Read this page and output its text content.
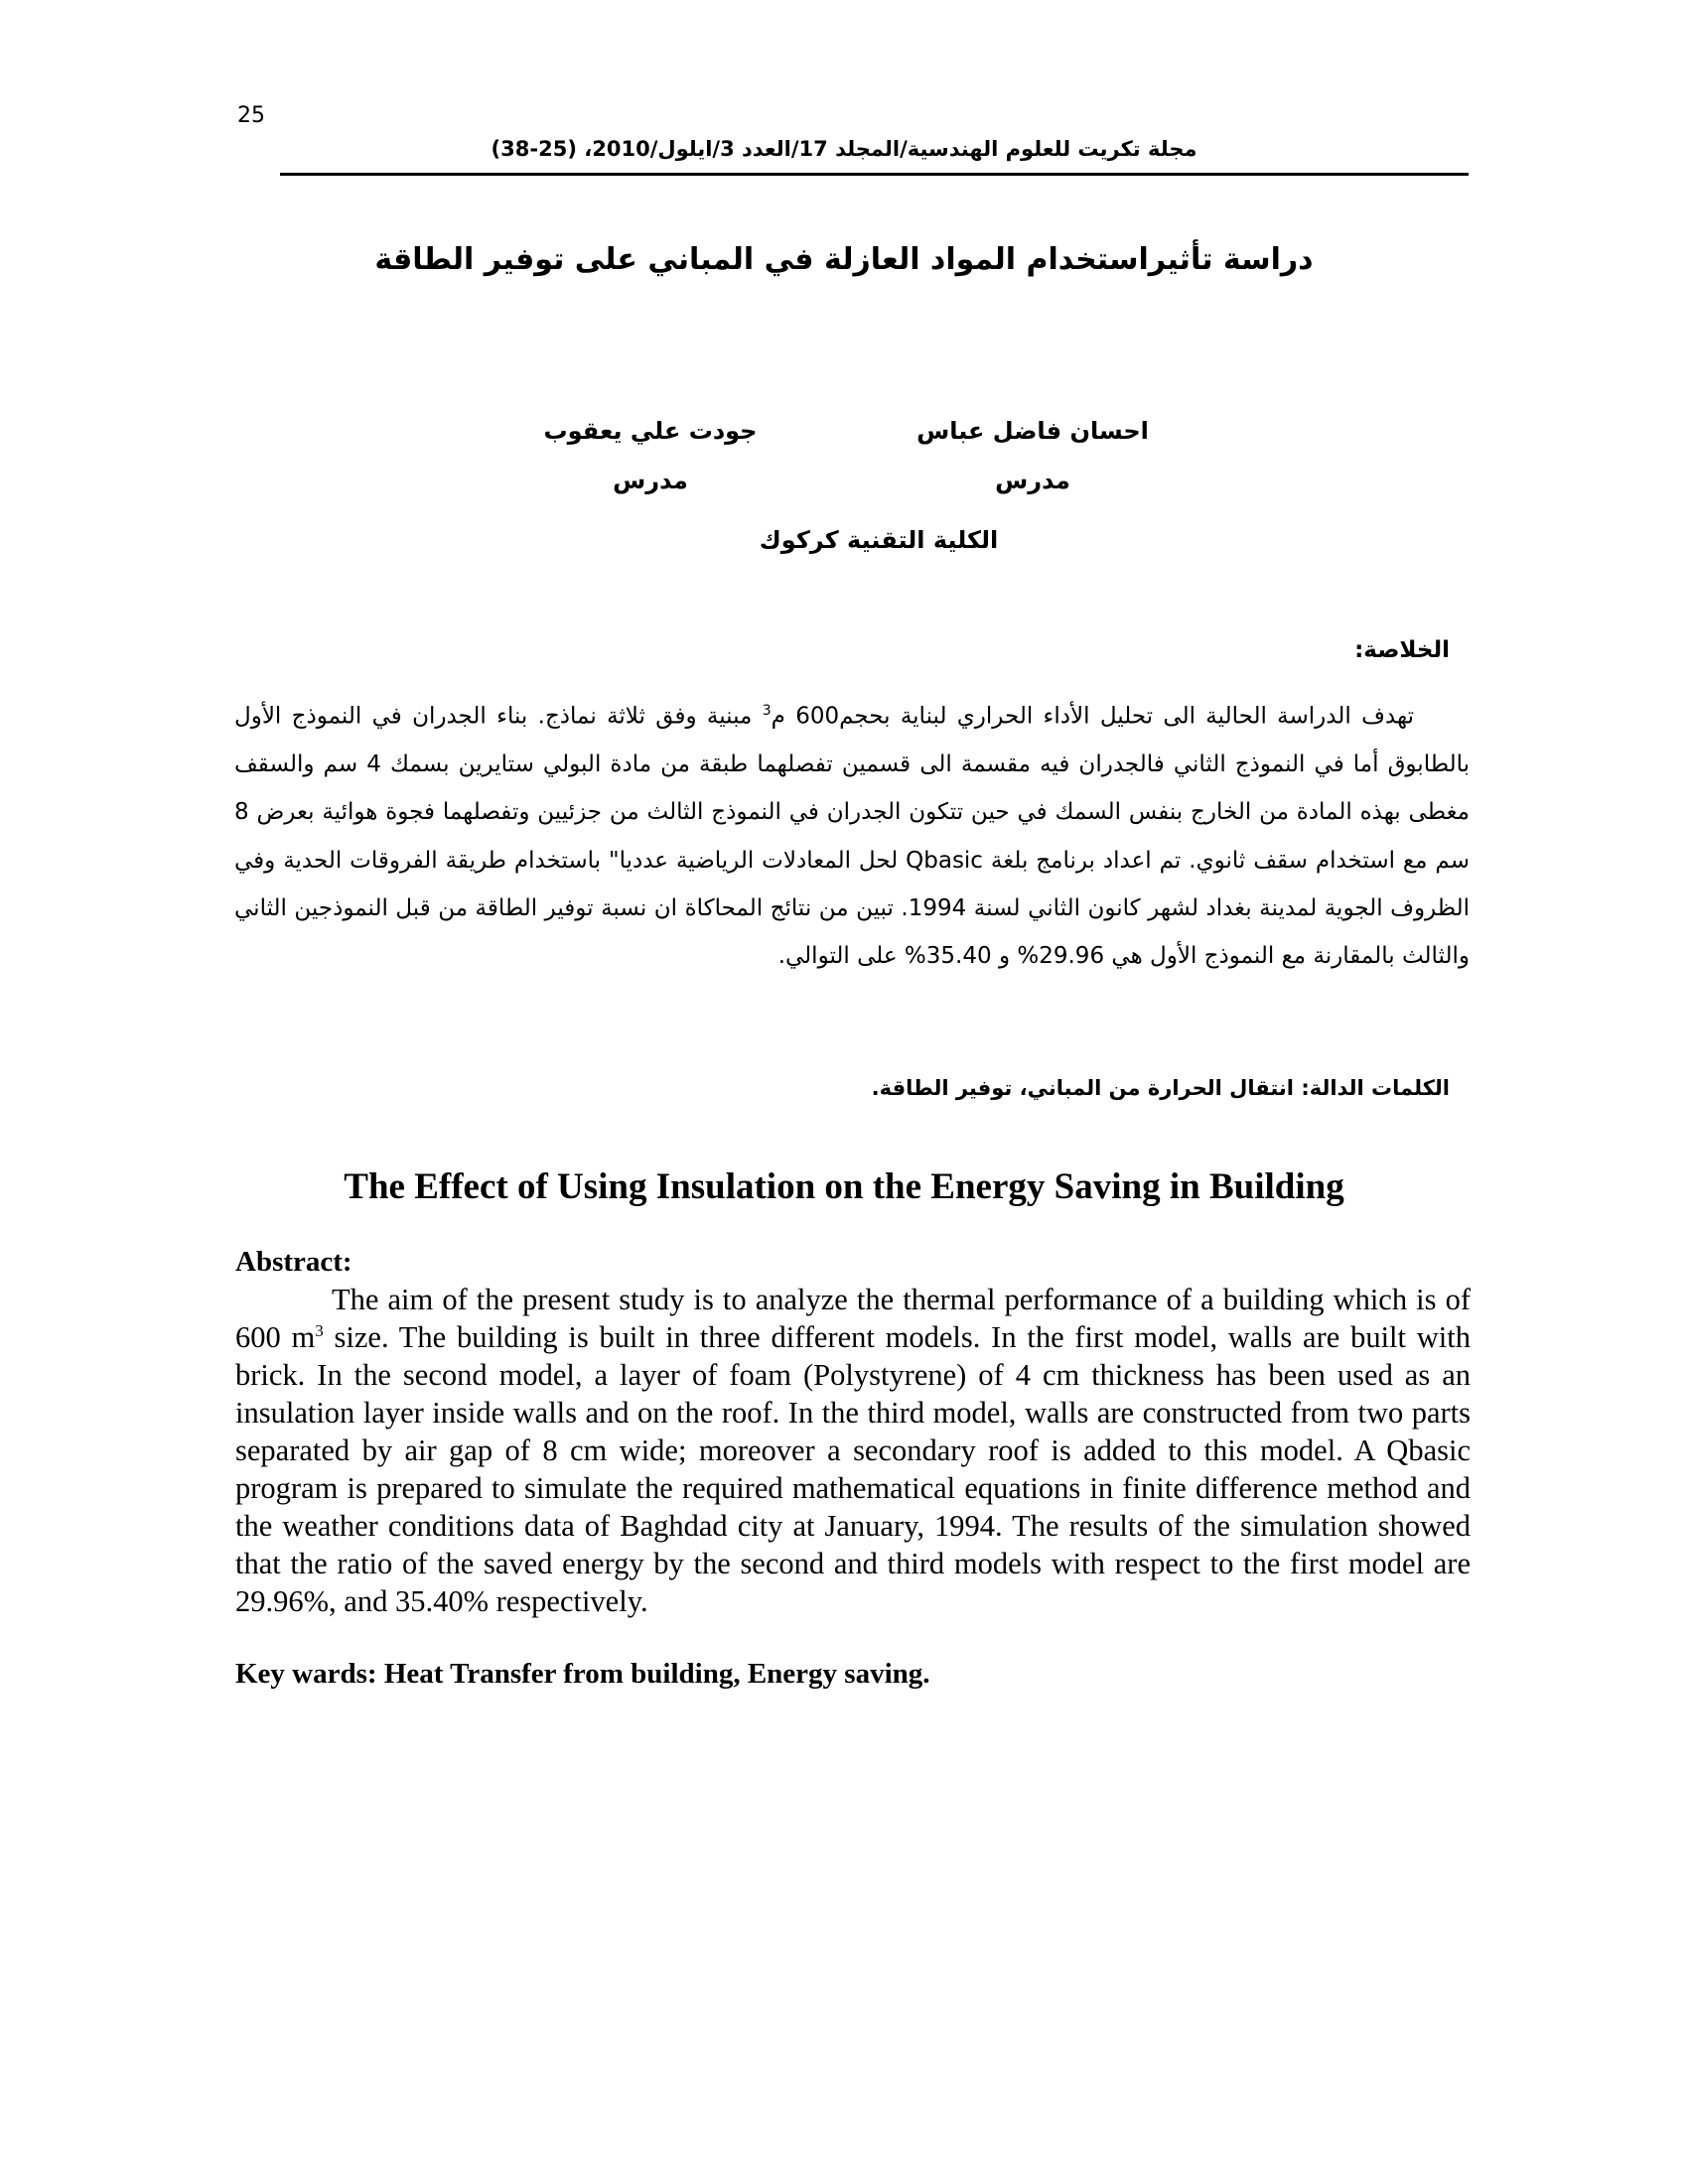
25
مجلة تكريت للعلوم الهندسية/المجلد 17/العدد 3/ايلول/2010، (25-38)
دراسة تأثيراستخدام المواد العازلة في المباني على توفير الطاقة
احسان فاضل عباس
مدرس
جودت علي يعقوب
مدرس
الكلية التقنية كركوك
الخلاصة:

تهدف الدراسة الحالية الى تحليل الأداء الحراري لبناية بحجم600 م$^3$ مبنية وفق ثلاثة نماذج. بناء الجدران في النموذج الأول بالطابوق أما في النموذج الثاني فالجدران فيه مقسمة الى قسمين تفصلهما طبقة من مادة البولي ستايرين بسمك 4 سم والسقف مغطى بهذه المادة من الخارج بنفس السمك في حين تتكون الجدران في النموذج الثالث من جزئيين وتفصلهما فجوة هوائية بعرض 8 سم مع استخدام سقف ثانوي. تم اعداد برنامج بلغة Qbasic لحل المعادلات الرياضية عدديا" باستخدام طريقة الفروقات الحدية وفي الظروف الجوية لمدينة بغداد لشهر كانون الثاني لسنة 1994. تبين من نتائج المحاكاة ان نسبة توفير الطاقة من قبل النموذجين الثاني والثالث بالمقارنة مع النموذج الأول هي 29.96% و 35.40% على التوالي.

الكلمات الدالة: انتقال الحرارة من المباني، توفير الطاقة.
The Effect of Using Insulation on the Energy Saving in Building
Abstract:

The aim of the present study is to analyze the thermal performance of a building which is of 600 $m^3$ size. The building is built in three different models. In the first model, walls are built with brick. In the second model, a layer of foam (Polystyrene) of 4 cm thickness has been used as an insulation layer inside walls and on the roof. In the third model, walls are constructed from two parts separated by air gap of 8 cm wide; moreover a secondary roof is added to this model. A Qbasic program is prepared to simulate the required mathematical equations in finite difference method and the weather conditions data of Baghdad city at January, 1994. The results of the simulation showed that the ratio of the saved energy by the second and third models with respect to the first model are 29.96%, and 35.40% respectively.

Key wards: Heat Transfer from building, Energy saving.
